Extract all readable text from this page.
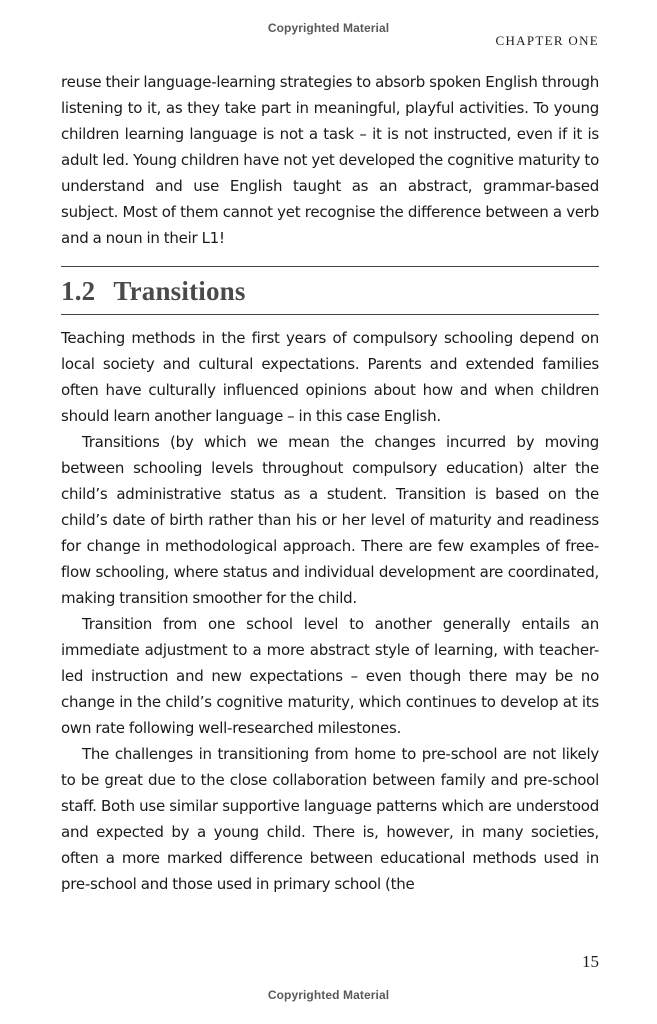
Copyrighted Material
CHAPTER ONE

reuse their language-learning strategies to absorb spoken English through listening to it, as they take part in meaningful, playful activities. To young children learning language is not a task – it is not instructed, even if it is adult led. Young children have not yet developed the cognitive maturity to understand and use English taught as an abstract, grammar-based subject. Most of them cannot yet recognise the difference between a verb and a noun in their L1!

1.2 Transitions

Teaching methods in the first years of compulsory schooling depend on local society and cultural expectations. Parents and extended families often have culturally influenced opinions about how and when children should learn another language – in this case English.

Transitions (by which we mean the changes incurred by moving between schooling levels throughout compulsory education) alter the child’s administrative status as a student. Transition is based on the child’s date of birth rather than his or her level of maturity and readiness for change in methodological approach. There are few examples of free-flow schooling, where status and individual development are coordinated, making transition smoother for the child.

Transition from one school level to another generally entails an immediate adjustment to a more abstract style of learning, with teacher-led instruction and new expectations – even though there may be no change in the child’s cognitive maturity, which continues to develop at its own rate following well-researched milestones.

The challenges in transitioning from home to pre-school are not likely to be great due to the close collaboration between family and pre-school staff. Both use similar supportive language patterns which are understood and expected by a young child. There is, however, in many societies, often a more marked difference between educational methods used in pre-school and those used in primary school (the

15
Copyrighted Material
